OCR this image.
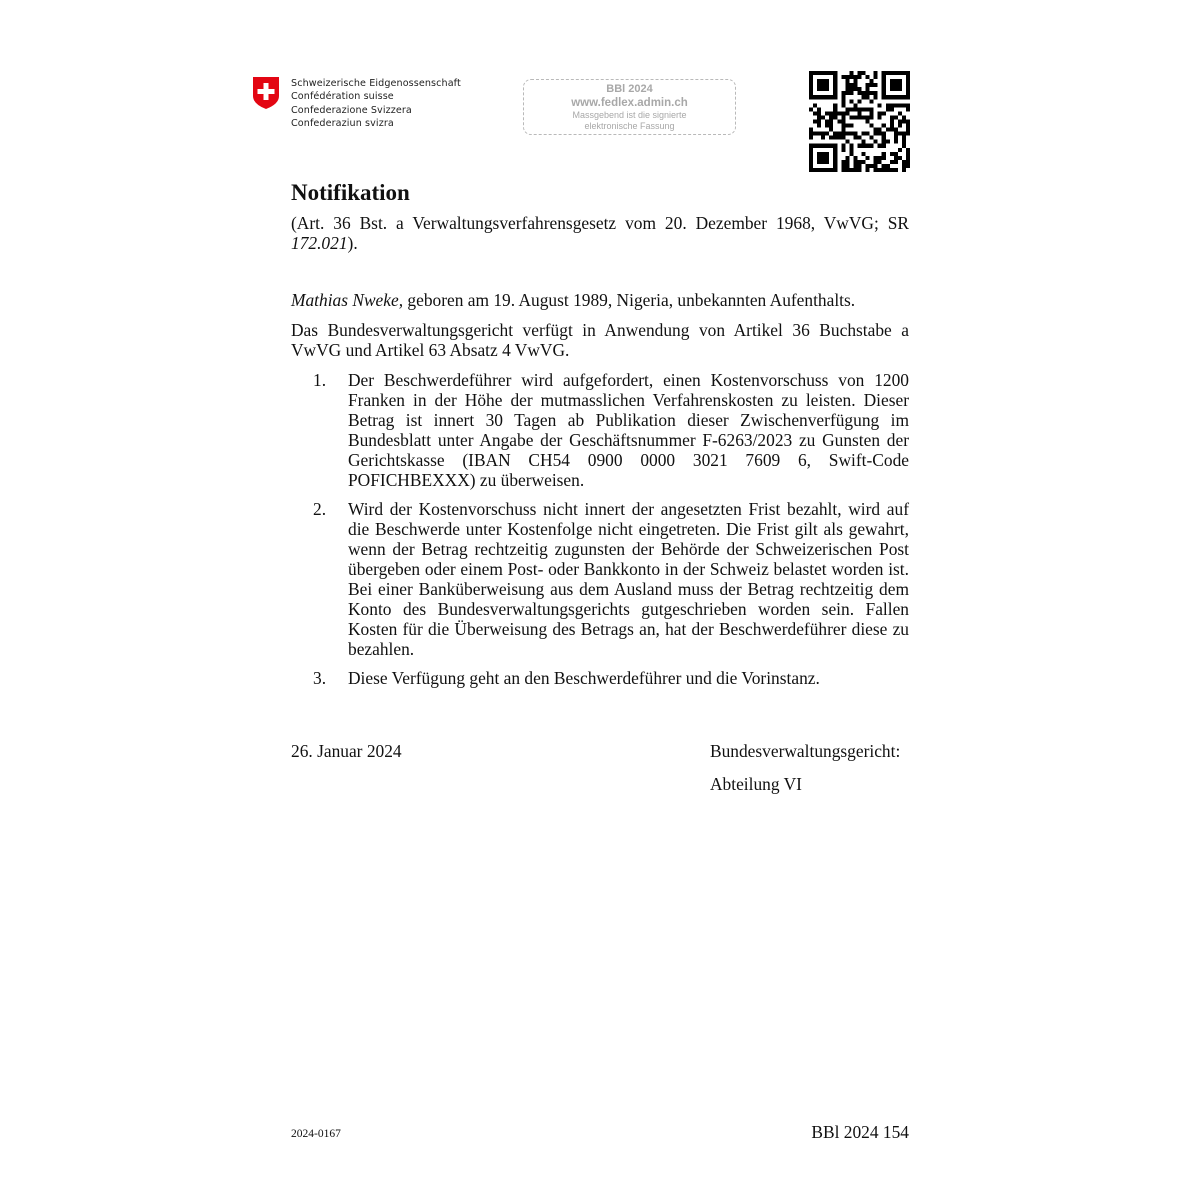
Schweizerische Eidgenossenschaft
Confédération suisse
Confederazione Svizzera
Confederaziun svizra
BBl 2024
www.fedlex.admin.ch
Massgebend ist die signierte
elektronische Fassung
Notifikation
(Art. 36 Bst. a Verwaltungsverfahrensgesetz vom 20. Dezember 1968, VwVG; SR 172.021).
Mathias Nweke, geboren am 19. August 1989, Nigeria, unbekannten Aufenthalts.
Das Bundesverwaltungsgericht verfügt in Anwendung von Artikel 36 Buchstabe a VwVG und Artikel 63 Absatz 4 VwVG.
1. Der Beschwerdeführer wird aufgefordert, einen Kostenvorschuss von 1200 Franken in der Höhe der mutmasslichen Verfahrenskosten zu leisten. Dieser Betrag ist innert 30 Tagen ab Publikation dieser Zwischenverfügung im Bundesblatt unter Angabe der Geschäftsnummer F-6263/2023 zu Gunsten der Gerichtskasse (IBAN CH54 0900 0000 3021 7609 6, Swift-Code POFICHBEXXX) zu überweisen.
2. Wird der Kostenvorschuss nicht innert der angesetzten Frist bezahlt, wird auf die Beschwerde unter Kostenfolge nicht eingetreten. Die Frist gilt als gewahrt, wenn der Betrag rechtzeitig zugunsten der Behörde der Schweizerischen Post übergeben oder einem Post- oder Bankkonto in der Schweiz belastet worden ist. Bei einer Banküberweisung aus dem Ausland muss der Betrag rechtzeitig dem Konto des Bundesverwaltungsgerichts gutgeschrieben worden sein. Fallen Kosten für die Überweisung des Betrags an, hat der Beschwerdeführer diese zu bezahlen.
3. Diese Verfügung geht an den Beschwerdeführer und die Vorinstanz.
26. Januar 2024	Bundesverwaltungsgericht:
Abteilung VI
2024-0167	BBl 2024 154
